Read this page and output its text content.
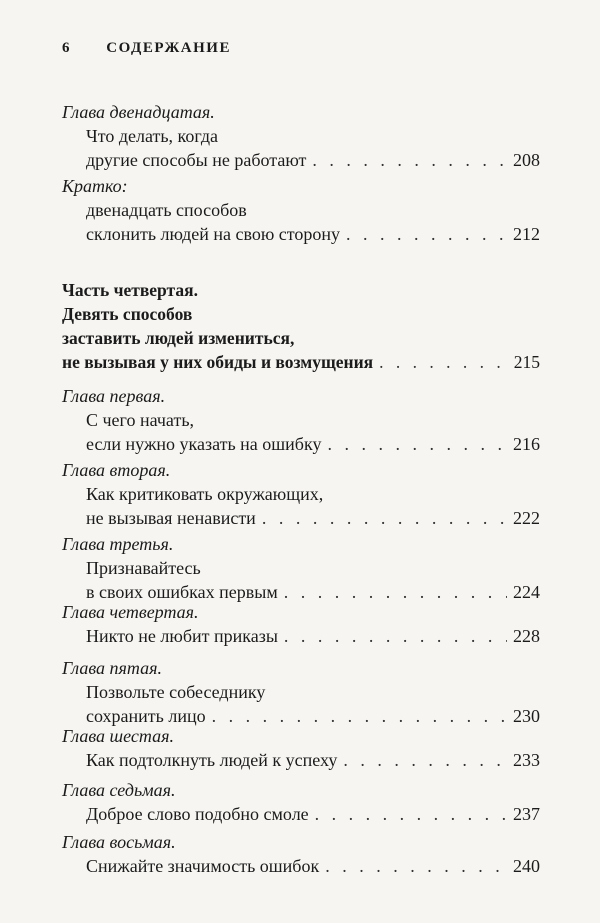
6 СОДЕРЖАНИЕ
Глава двенадцатая.
Что делать, когда
другие способы не работают . . .	208
Кратко:
двенадцать способов
склонить людей на свою сторону . . .	212
Часть четвертая.
Девять способов
заставить людей измениться,
не вызывая у них обиды и возмущения . . .	215
Глава первая.
С чего начать,
если нужно указать на ошибку . . .	216
Глава вторая.
Как критиковать окружающих,
не вызывая ненависти . . .	222
Глава третья.
Признавайтесь
в своих ошибках первым . . .	224
Глава четвертая.
Никто не любит приказы . . .	228
Глава пятая.
Позвольте собеседнику
сохранить лицо . . .	230
Глава шестая.
Как подтолкнуть людей к успеху . . .	233
Глава седьмая.
Доброе слово подобно смоле . . .	237
Глава восьмая.
Снижайте значимость ошибок . . .	240
